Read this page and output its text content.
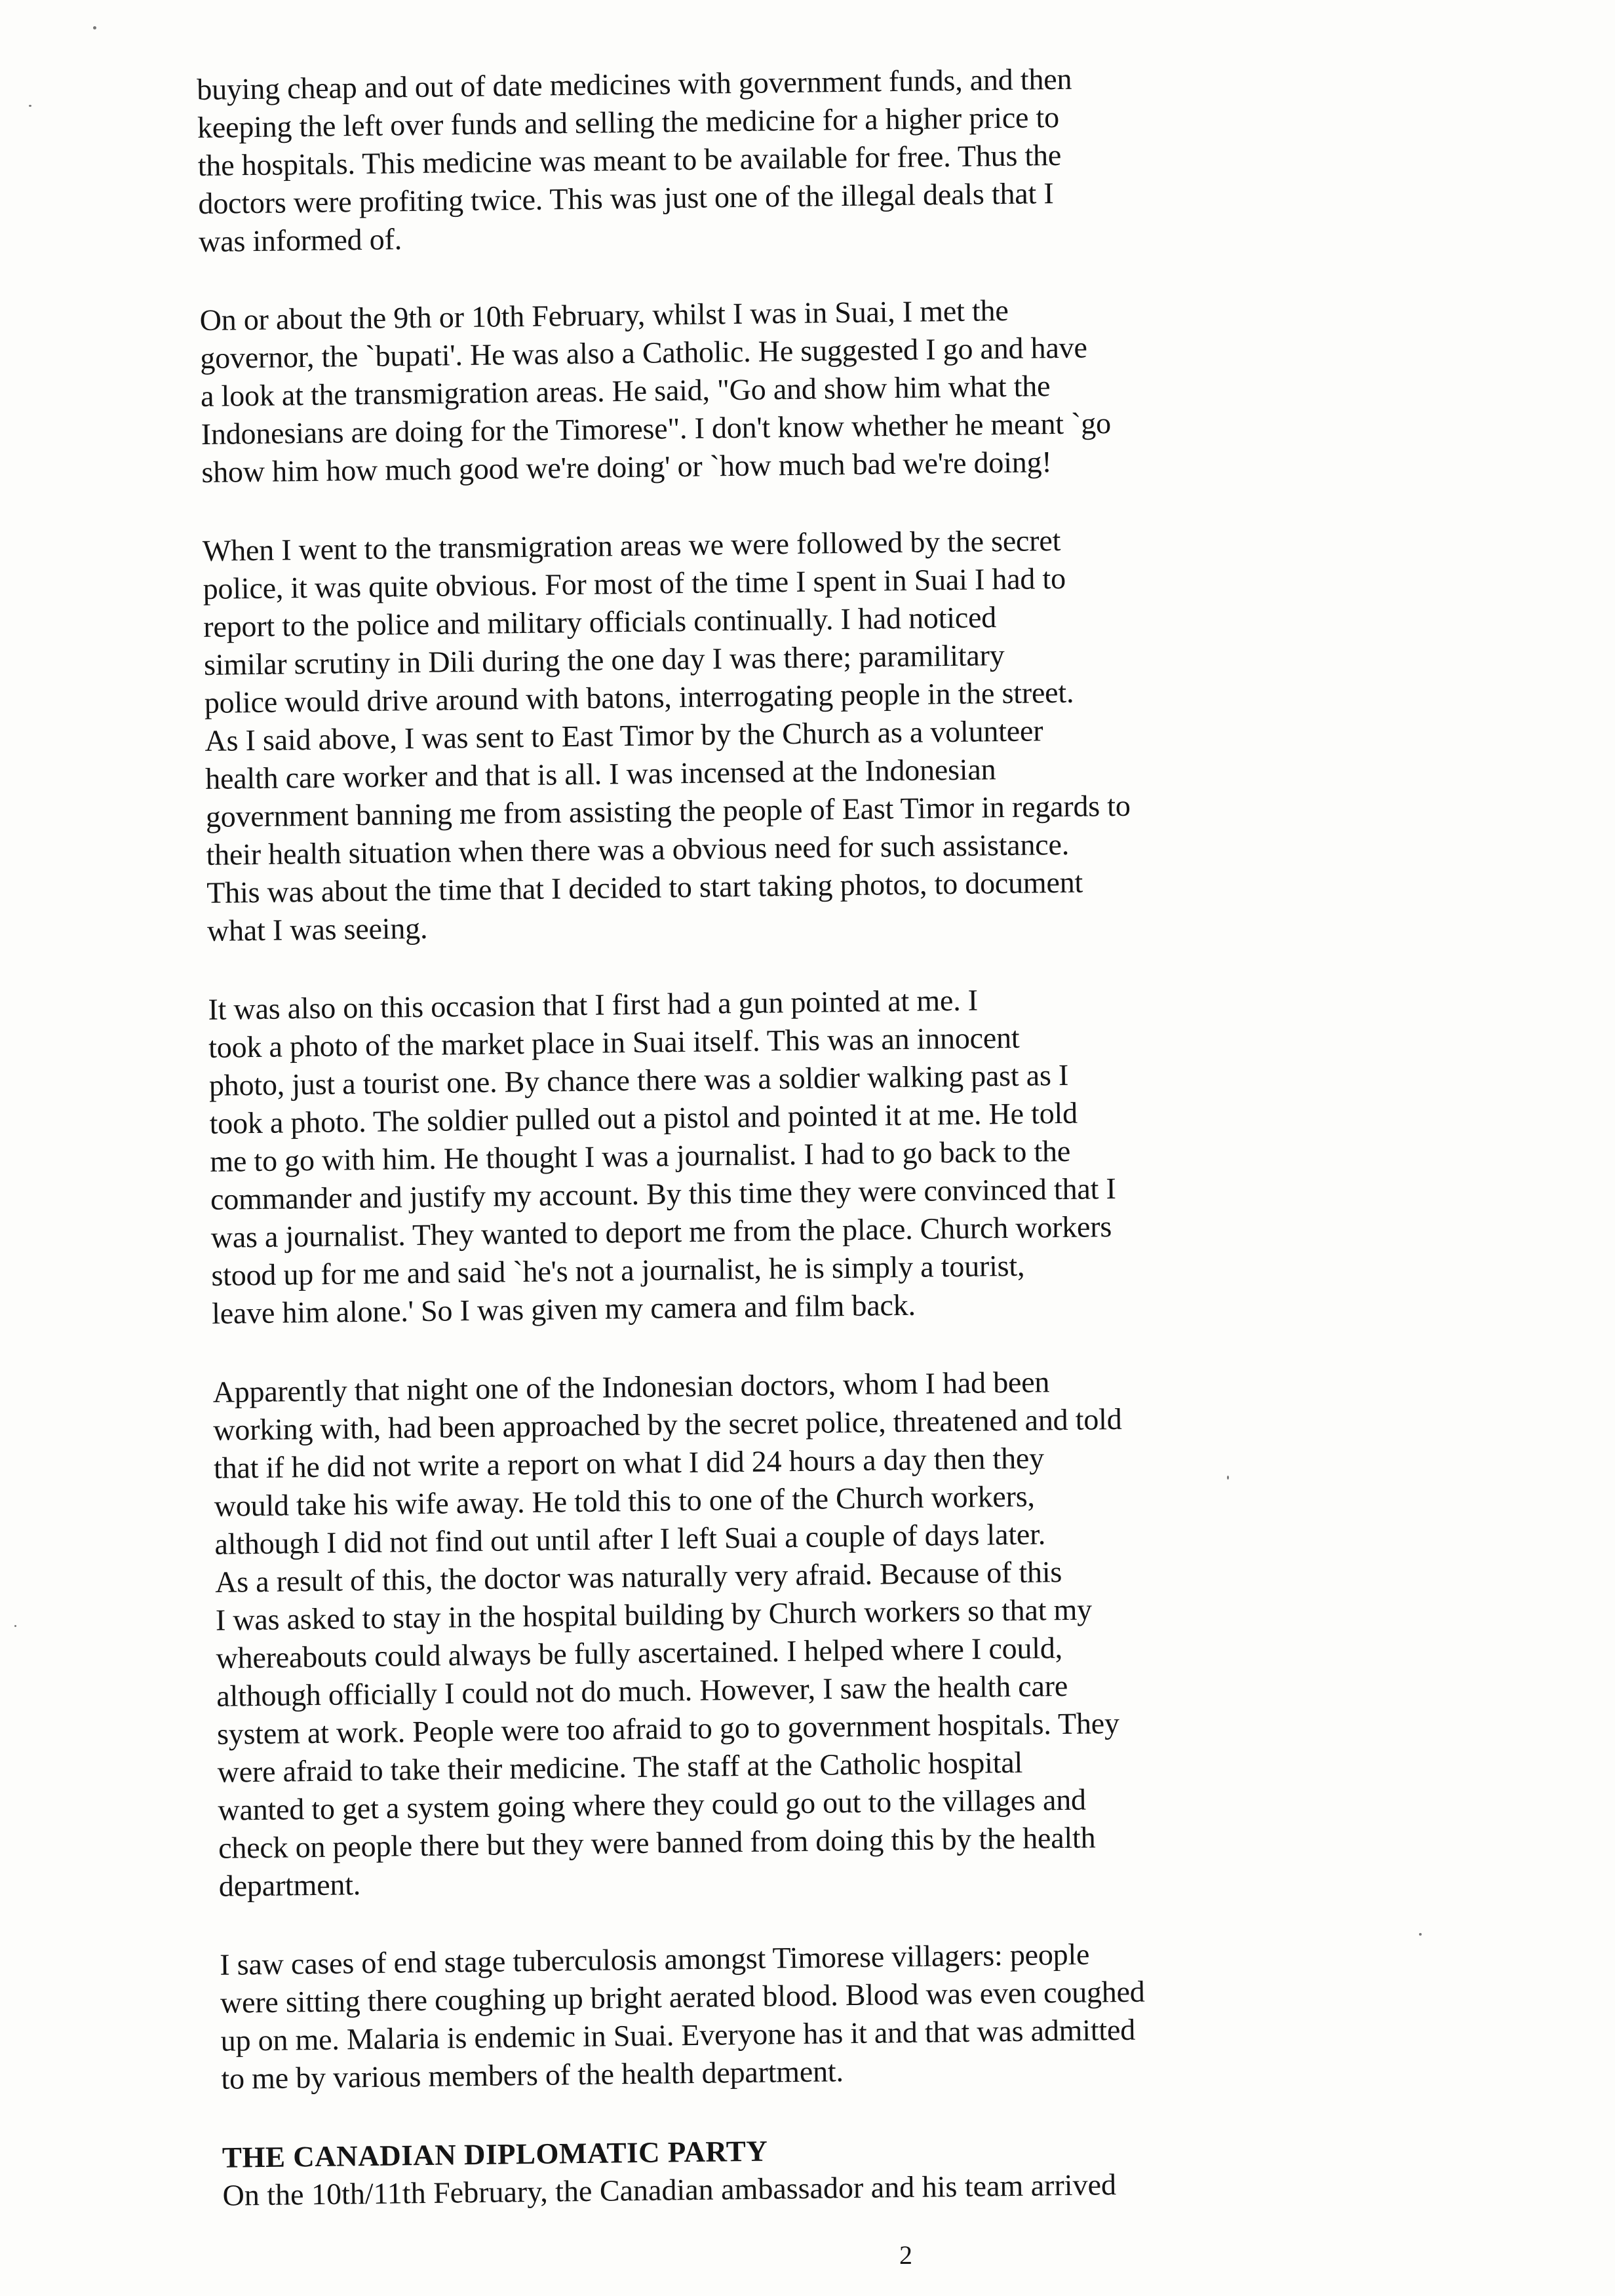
buying cheap and out of date medicines with government funds, and then
keeping the left over funds and selling the medicine for a higher price to
the hospitals. This medicine was meant to be available for free. Thus the
doctors were profiting twice. This was just one of the illegal deals that I
was informed of.
On or about the 9th or 10th February, whilst I was in Suai, I met the
governor, the `bupati'. He was also a Catholic. He suggested I go and have
a look at the transmigration areas. He said, "Go and show him what the
Indonesians are doing for the Timorese". I don't know whether he meant `go
show him how much good we're doing' or `how much bad we're doing!
When I went to the transmigration areas we were followed by the secret
police, it was quite obvious. For most of the time I spent in Suai I had to
report to the police and military officials continually. I had noticed
similar scrutiny in Dili during the one day I was there; paramilitary
police would drive around with batons, interrogating people in the street.
As I said above, I was sent to East Timor by the Church as a volunteer
health care worker and that is all. I was incensed at the Indonesian
government banning me from assisting the people of East Timor in regards to
their health situation when there was a obvious need for such assistance.
This was about the time that I decided to start taking photos, to document
what I was seeing.
It was also on this occasion that I first had a gun pointed at me. I
took a photo of the market place in Suai itself. This was an innocent
photo, just a tourist one. By chance there was a soldier walking past as I
took a photo. The soldier pulled out a pistol and pointed it at me. He told
me to go with him. He thought I was a journalist. I had to go back to the
commander and justify my account. By this time they were convinced that I
was a journalist. They wanted to deport me from the place. Church workers
stood up for me and said `he's not a journalist, he is simply a tourist,
leave him alone.' So I was given my camera and film back.
Apparently that night one of the Indonesian doctors, whom I had been
working with, had been approached by the secret police, threatened and told
that if he did not write a report on what I did 24 hours a day then they
would take his wife away. He told this to one of the Church workers,
although I did not find out until after I left Suai a couple of days later.
As a result of this, the doctor was naturally very afraid. Because of this
I was asked to stay in the hospital building by Church workers so that my
whereabouts could always be fully ascertained. I helped where I could,
although officially I could not do much. However, I saw the health care
system at work. People were too afraid to go to government hospitals. They
were afraid to take their medicine. The staff at the Catholic hospital
wanted to get a system going where they could go out to the villages and
check on people there but they were banned from doing this by the health
department.
I saw cases of end stage tuberculosis amongst Timorese villagers: people
were sitting there coughing up bright aerated blood. Blood was even coughed
up on me. Malaria is endemic in Suai. Everyone has it and that was admitted
to me by various members of the health department.
THE CANADIAN DIPLOMATIC PARTY
On the 10th/11th February, the Canadian ambassador and his team arrived
2
